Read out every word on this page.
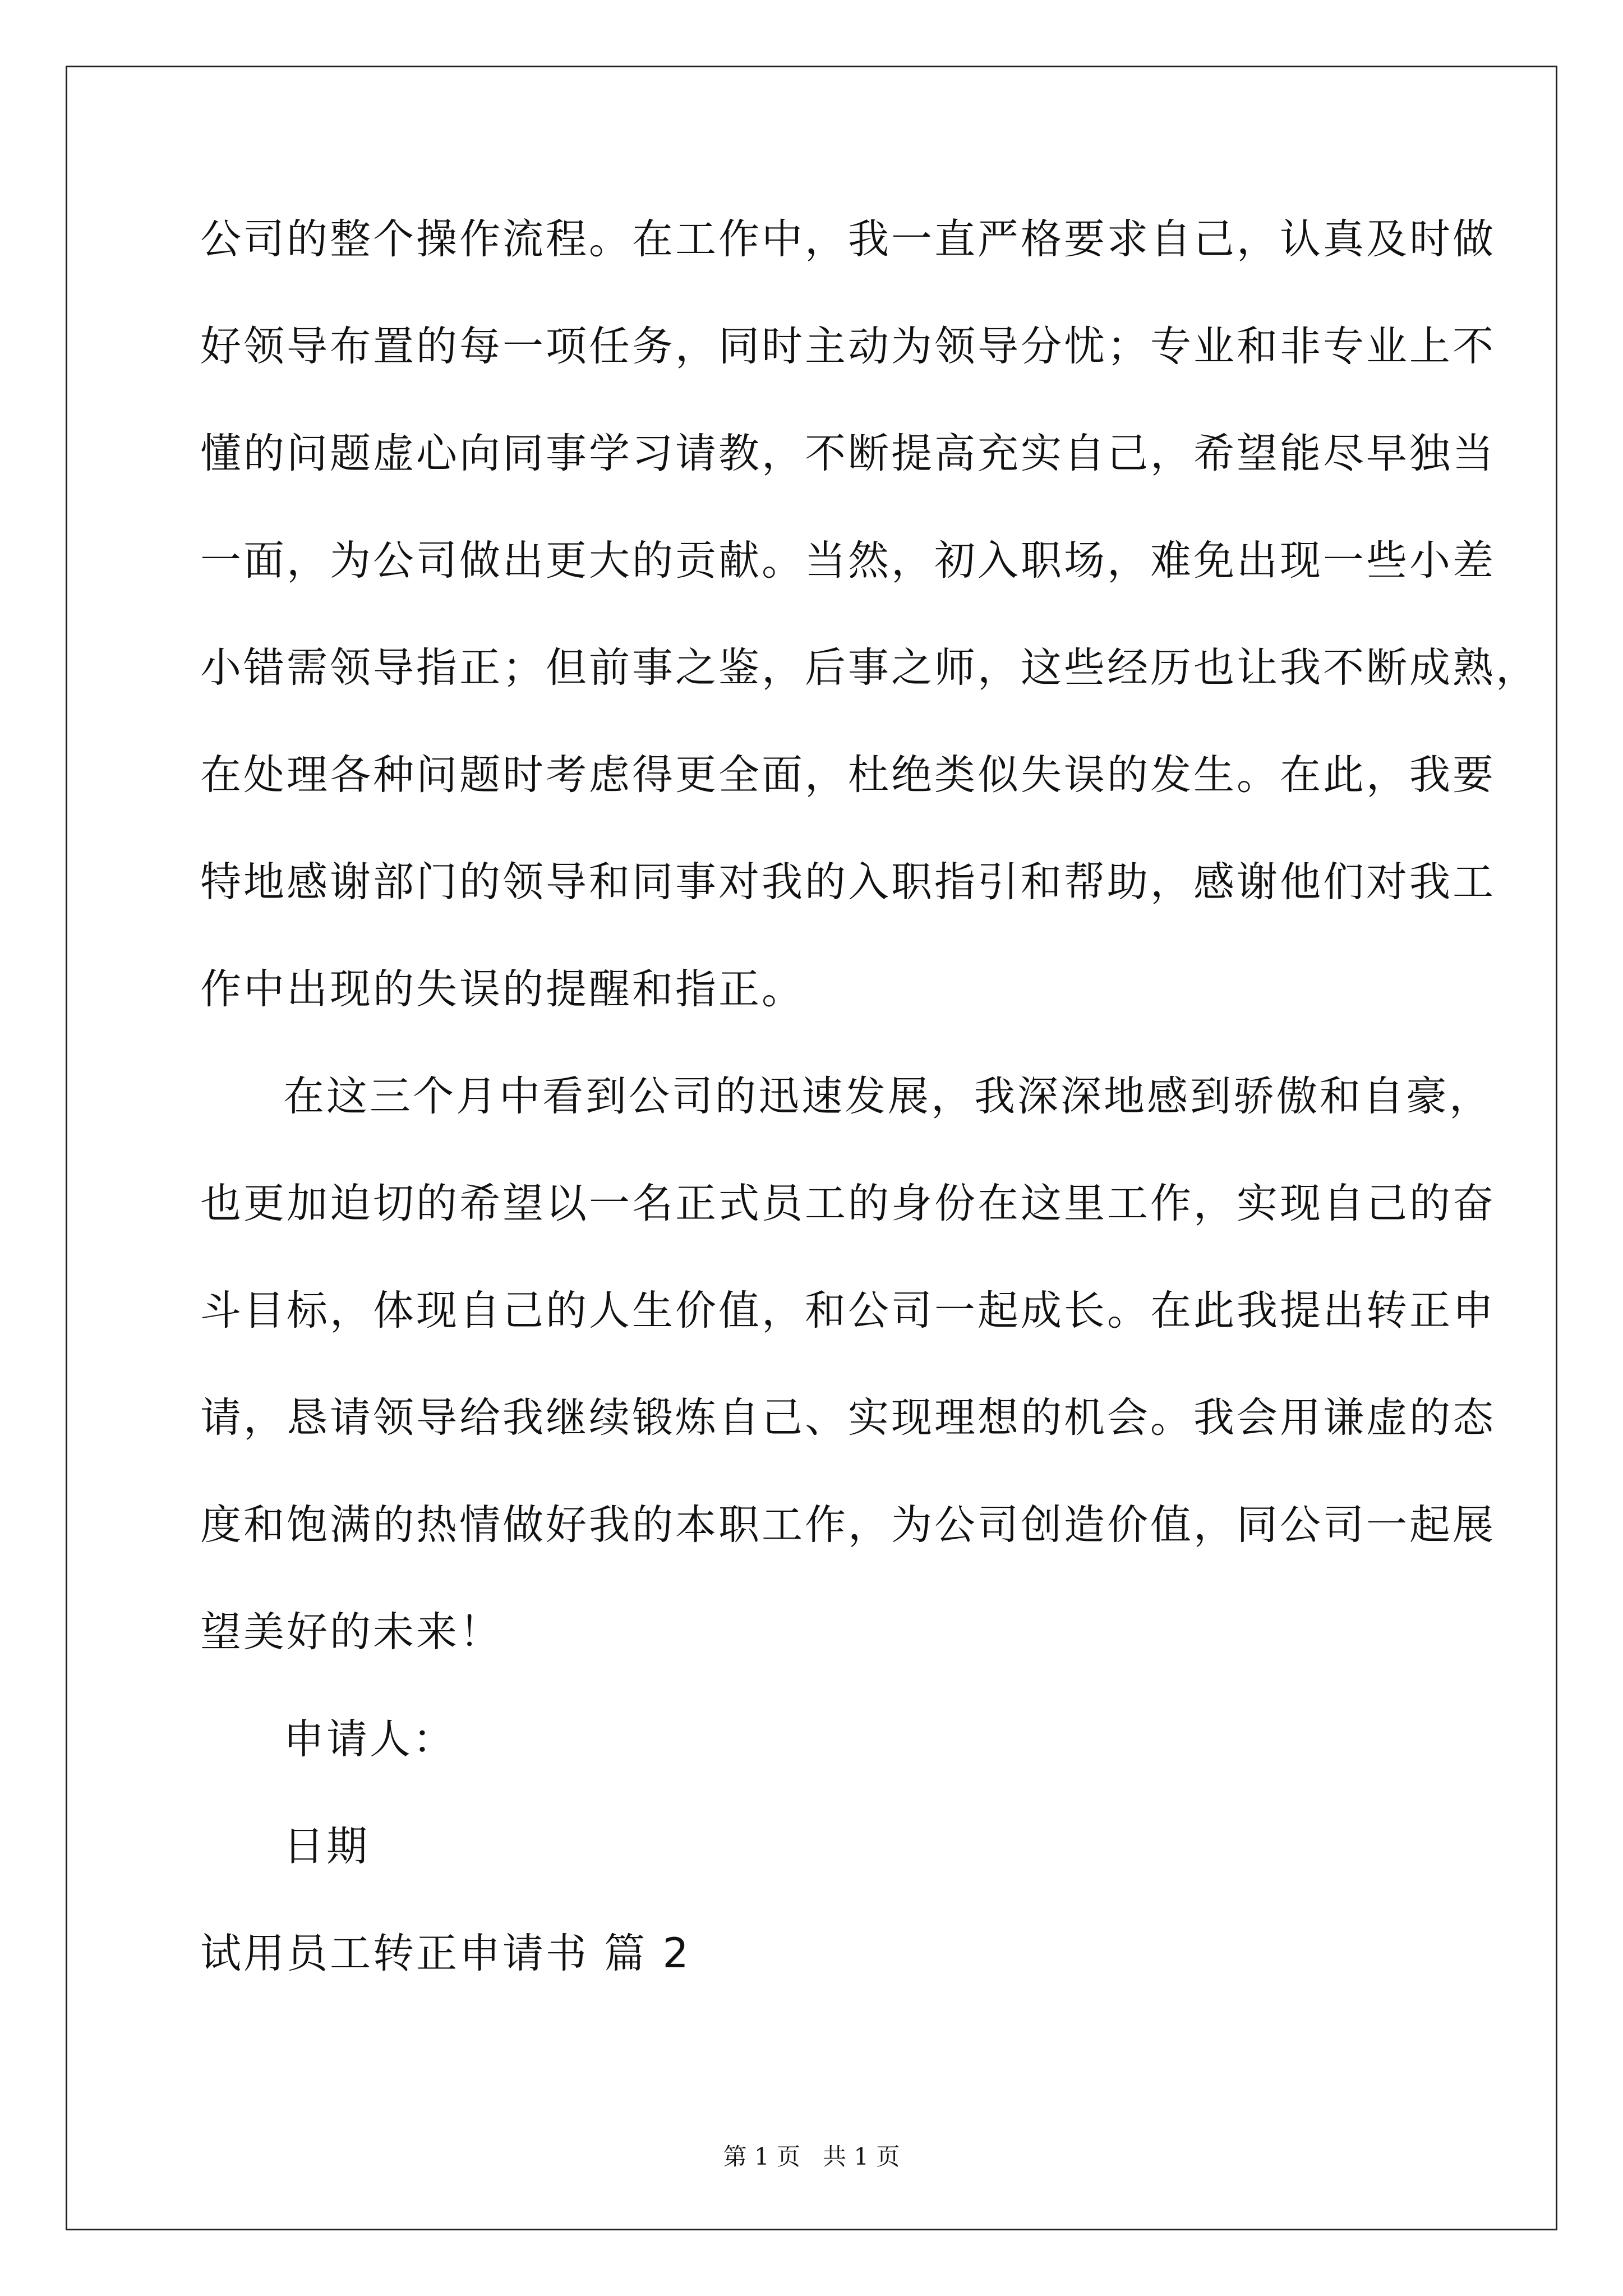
公司的整个操作流程。在工作中，我一直严格要求自己，认真及时做
好领导布置的每一项任务，同时主动为领导分忧；专业和非专业上不
懂的问题虚心向同事学习请教，不断提高充实自己，希望能尽早独当
一面，为公司做出更大的贡献。当然，初入职场，难免出现一些小差
小错需领导指正；但前事之鉴，后事之师，这些经历也让我不断成熟，
在处理各种问题时考虑得更全面，杜绝类似失误的发生。在此，我要
特地感谢部门的领导和同事对我的入职指引和帮助，感谢他们对我工
作中出现的失误的提醒和指正。
在这三个月中看到公司的迅速发展，我深深地感到骄傲和自豪，
也更加迫切的希望以一名正式员工的身份在这里工作，实现自己的奋
斗目标，体现自己的人生价值，和公司一起成长。在此我提出转正申
请，恳请领导给我继续锻炼自己、实现理想的机会。我会用谦虚的态
度和饱满的热情做好我的本职工作，为公司创造价值，同公司一起展
望美好的未来！
申请人：
日期
试用员工转正申请书 篇 2
第 1 页 共 1 页
